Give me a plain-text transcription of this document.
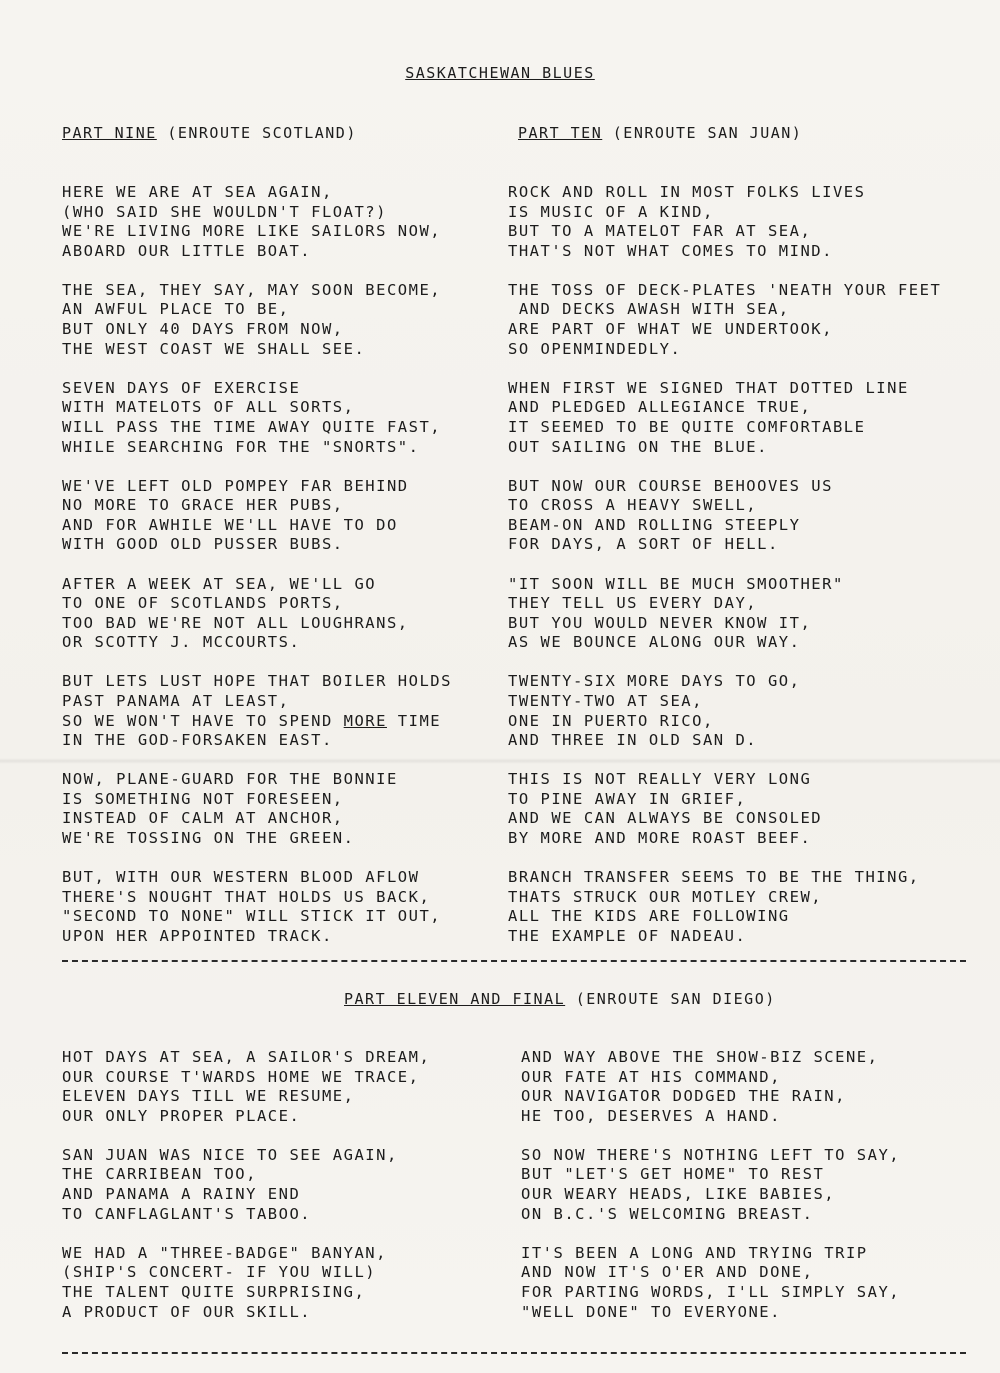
SASKATCHEWAN BLUES
PART NINE (ENROUTE SCOTLAND)	PART TEN (ENROUTE SAN JUAN)
HERE WE ARE AT SEA AGAIN,
(WHO SAID SHE WOULDN'T FLOAT?)
WE'RE LIVING MORE LIKE SAILORS NOW,
ABOARD OUR LITTLE BOAT.
THE SEA, THEY SAY, MAY SOON BECOME,
AN AWFUL PLACE TO BE,
BUT ONLY 40 DAYS FROM NOW,
THE WEST COAST WE SHALL SEE.
SEVEN DAYS OF EXERCISE
WITH MATELOTS OF ALL SORTS,
WILL PASS THE TIME AWAY QUITE FAST,
WHILE SEARCHING FOR THE "SNORTS".
WE'VE LEFT OLD POMPEY FAR BEHIND
NO MORE TO GRACE HER PUBS,
AND FOR AWHILE WE'LL HAVE TO DO
WITH GOOD OLD PUSSER BUBS.
AFTER A WEEK AT SEA, WE'LL GO
TO ONE OF SCOTLANDS PORTS,
TOO BAD WE'RE NOT ALL LOUGHRANS,
OR SCOTTY J. MCCOURTS.
BUT LETS LUST HOPE THAT BOILER HOLDS
PAST PANAMA AT LEAST,
SO WE WON'T HAVE TO SPEND MORE TIME
IN THE GOD-FORSAKEN EAST.
NOW, PLANE-GUARD FOR THE BONNIE
IS SOMETHING NOT FORESEEN,
INSTEAD OF CALM AT ANCHOR,
WE'RE TOSSING ON THE GREEN.
BUT, WITH OUR WESTERN BLOOD AFLOW
THERE'S NOUGHT THAT HOLDS US BACK,
"SECOND TO NONE" WILL STICK IT OUT,
UPON HER APPOINTED TRACK.
ROCK AND ROLL IN MOST FOLKS LIVES
IS MUSIC OF A KIND,
BUT TO A MATELOT FAR AT SEA,
THAT'S NOT WHAT COMES TO MIND.
THE TOSS OF DECK-PLATES 'NEATH YOUR FEET
AND DECKS AWASH WITH SEA,
ARE PART OF WHAT WE UNDERTOOK,
SO OPENMINDEDLY.
WHEN FIRST WE SIGNED THAT DOTTED LINE
AND PLEDGED ALLEGIANCE TRUE,
IT SEEMED TO BE QUITE COMFORTABLE
OUT SAILING ON THE BLUE.
BUT NOW OUR COURSE BEHOOVES US
TO CROSS A HEAVY SWELL,
BEAM-ON AND ROLLING STEEPLY
FOR DAYS, A SORT OF HELL.
"IT SOON WILL BE MUCH SMOOTHER"
THEY TELL US EVERY DAY,
BUT YOU WOULD NEVER KNOW IT,
AS WE BOUNCE ALONG OUR WAY.
TWENTY-SIX MORE DAYS TO GO,
TWENTY-TWO AT SEA,
ONE IN PUERTO RICO,
AND THREE IN OLD SAN D.
THIS IS NOT REALLY VERY LONG
TO PINE AWAY IN GRIEF,
AND WE CAN ALWAYS BE CONSOLED
BY MORE AND MORE ROAST BEEF.
BRANCH TRANSFER SEEMS TO BE THE THING,
THATS STRUCK OUR MOTLEY CREW,
ALL THE KIDS ARE FOLLOWING
THE EXAMPLE OF NADEAU.
PART ELEVEN AND FINAL (ENROUTE SAN DIEGO)
HOT DAYS AT SEA, A SAILOR'S DREAM,
OUR COURSE T'WARDS HOME WE TRACE,
ELEVEN DAYS TILL WE RESUME,
OUR ONLY PROPER PLACE.
SAN JUAN WAS NICE TO SEE AGAIN,
THE CARRIBEAN TOO,
AND PANAMA A RAINY END
TO CANFLAGLANT'S TABOO.
WE HAD A "THREE-BADGE" BANYAN,
(SHIP'S CONCERT- IF YOU WILL)
THE TALENT QUITE SURPRISING,
A PRODUCT OF OUR SKILL.
AND WAY ABOVE THE SHOW-BIZ SCENE,
OUR FATE AT HIS COMMAND,
OUR NAVIGATOR DODGED THE RAIN,
HE TOO, DESERVES A HAND.
SO NOW THERE'S NOTHING LEFT TO SAY,
BUT "LET'S GET HOME" TO REST
OUR WEARY HEADS, LIKE BABIES,
ON B.C.'S WELCOMING BREAST.
IT'S BEEN A LONG AND TRYING TRIP
AND NOW IT'S O'ER AND DONE,
FOR PARTING WORDS, I'LL SIMPLY SAY,
"WELL DONE" TO EVERYONE.
